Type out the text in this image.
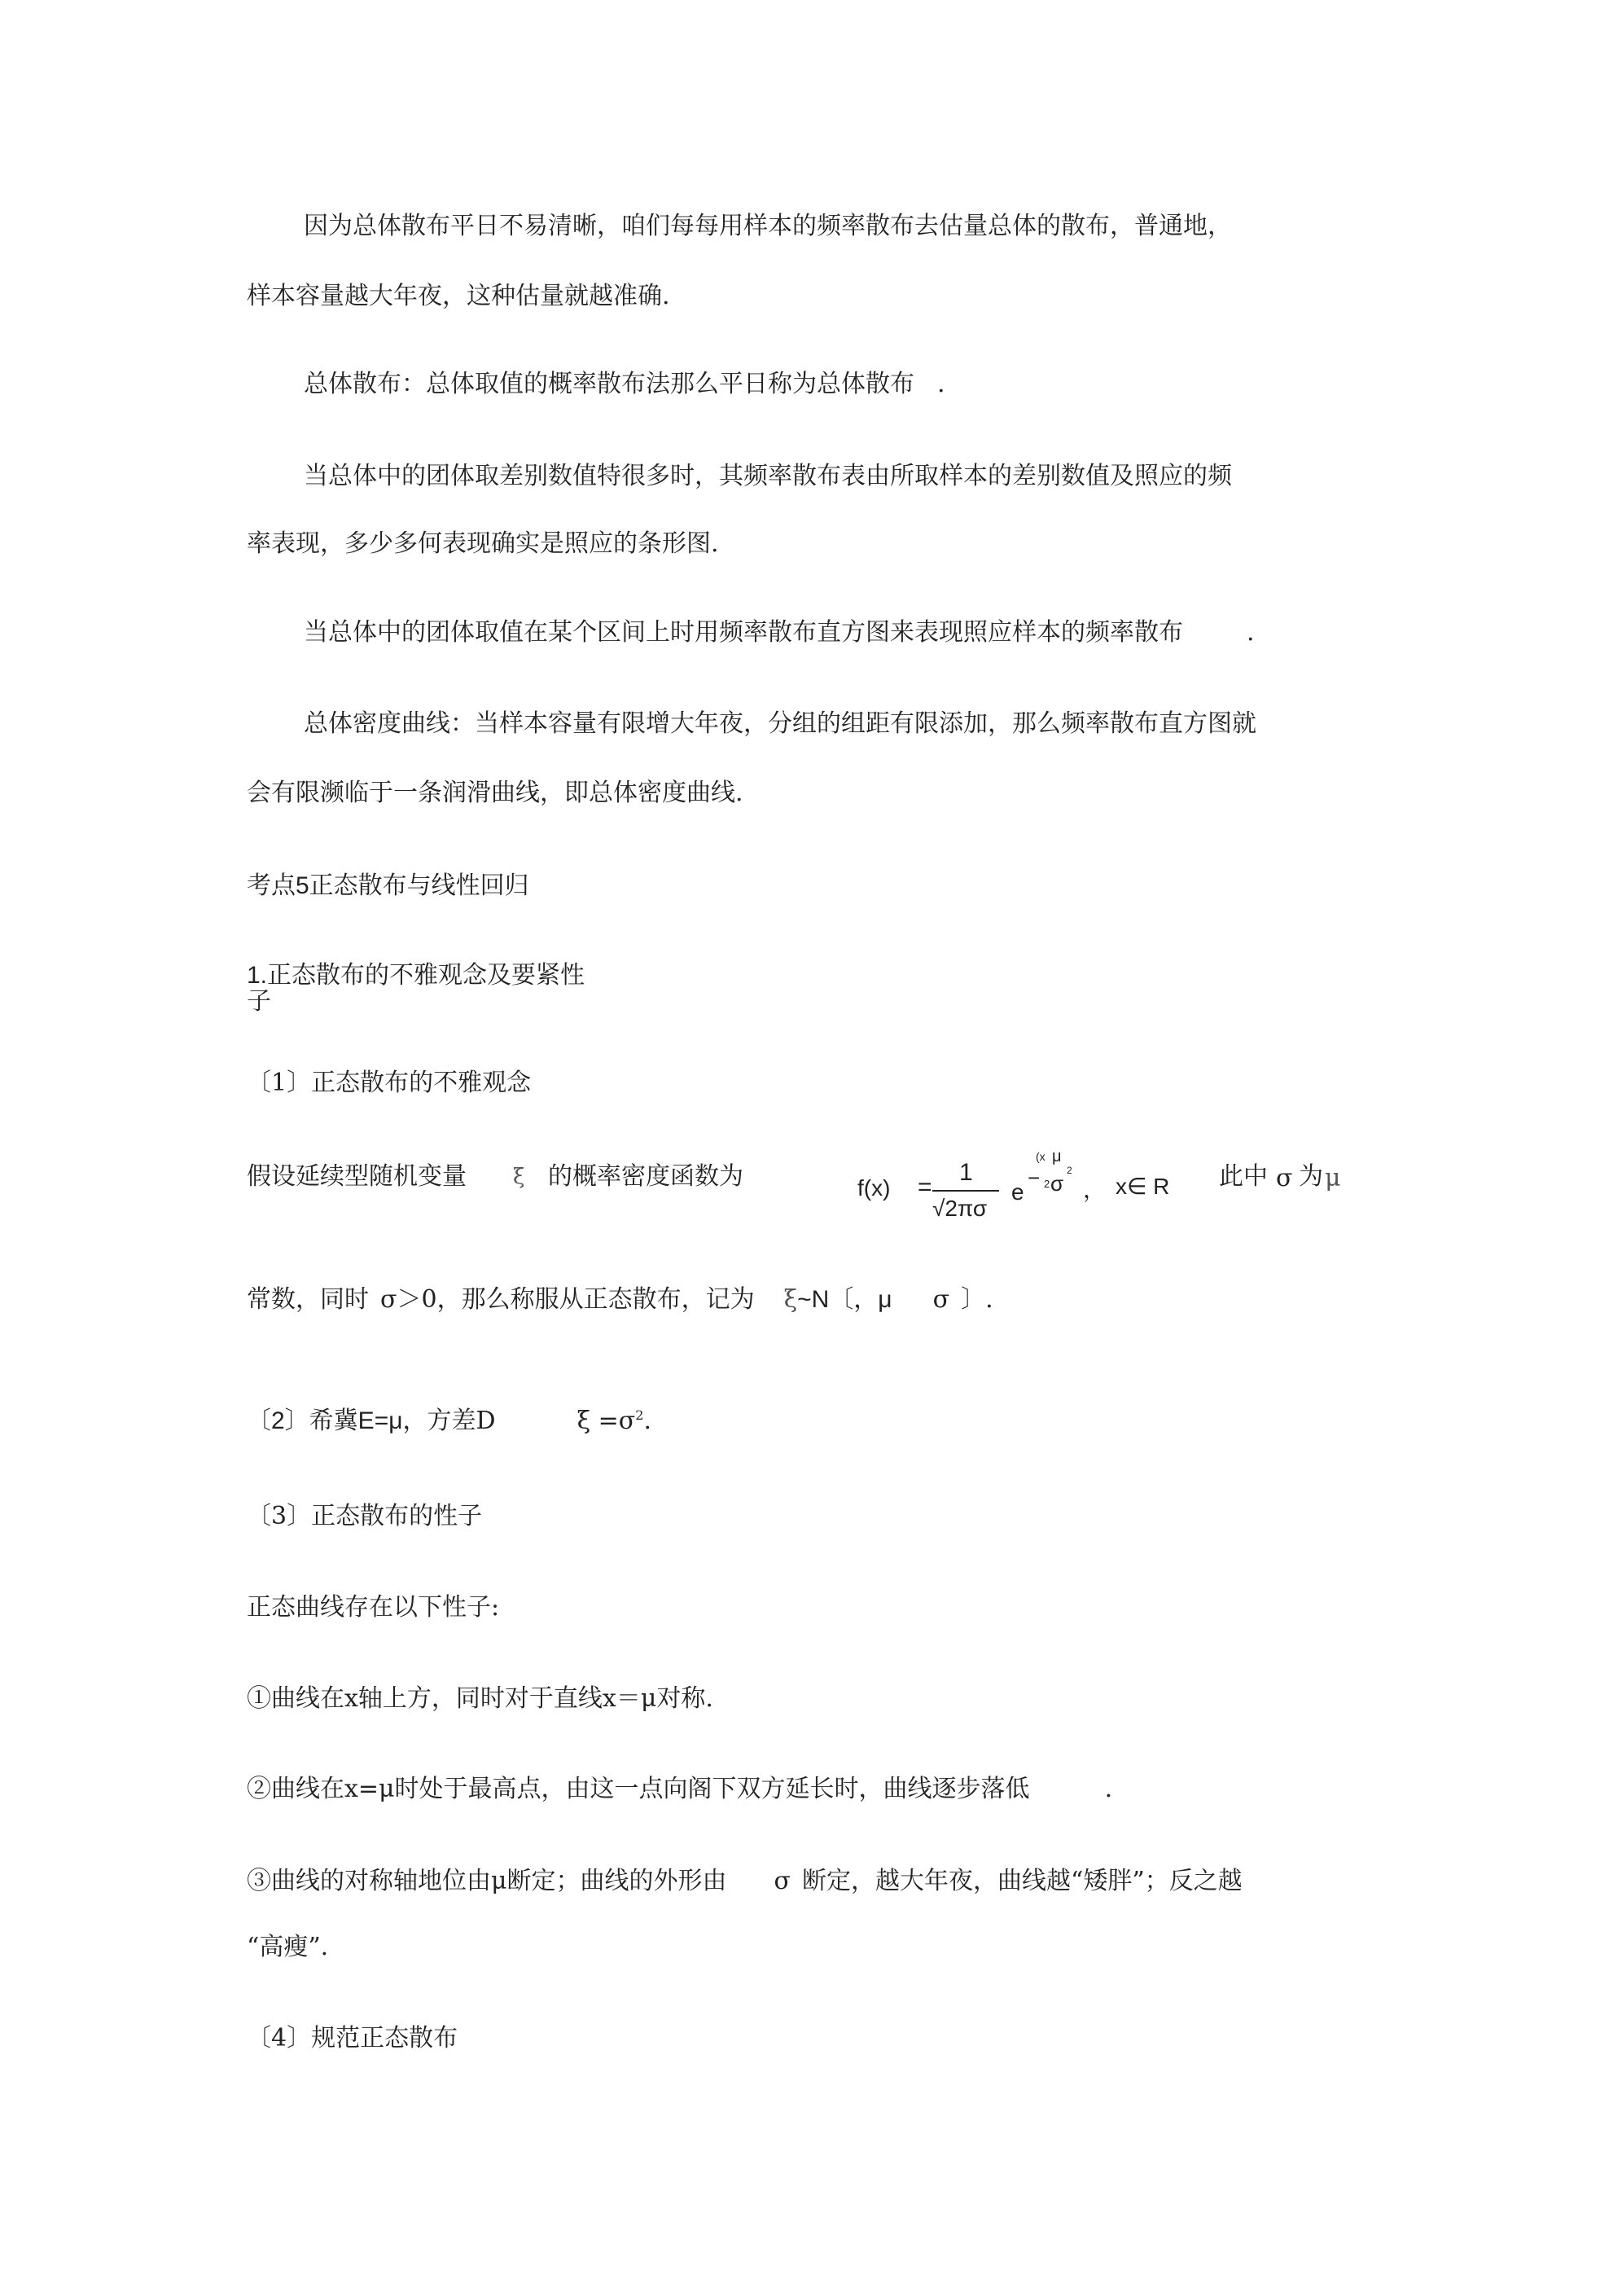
因为总体散布平日不易清晰，咱们每每用样本的频率散布去估量总体的散布，普通地，
样本容量越大年夜，这种估量就越准确.
总体散布：总体取值的概率散布法那么平日称为总体散布 .
当总体中的团体取差别数值特很多时，其频率散布表由所取样本的差别数值及照应的频
率表现，多少多何表现确实是照应的条形图.
当总体中的团体取值在某个区间上时用频率散布直方图来表现照应样本的频率散布	.
总体密度曲线：当样本容量有限增大年夜，分组的组距有限添加，那么频率散布直方图就
会有限濒临于一条润滑曲线，即总体密度曲线.
考点5正态散布与线性回归
1.正态散布的不雅观念及要紧性
子
〔1〕正态散布的不雅观念
假设延续型随机变量 ξ 的概率密度函数为	f(x) =
1
√2πσ
e
(x
−
μ
2 σ
2
， x∈ R 此中 σ 为 μ
常数，同时 σ＞0，那么称服从正态散布，记为 ξ~N〔，μ σ 〕.
〔2〕希冀E=μ，方差D	$\xi =\sigma^2$.
〔3〕正态散布的性子
正态曲线存在以下性子:
①曲线在x轴上方，同时对于直线x＝μ对称.
②曲线在x=μ时处于最高点，由这一点向阁下双方延长时，曲线逐步落低	.
③曲线的对称轴地位由μ断定；曲线的外形由 σ 断定，越大年夜，曲线越“矮胖”；反之越
“高瘦”.
〔4〕规范正态散布
